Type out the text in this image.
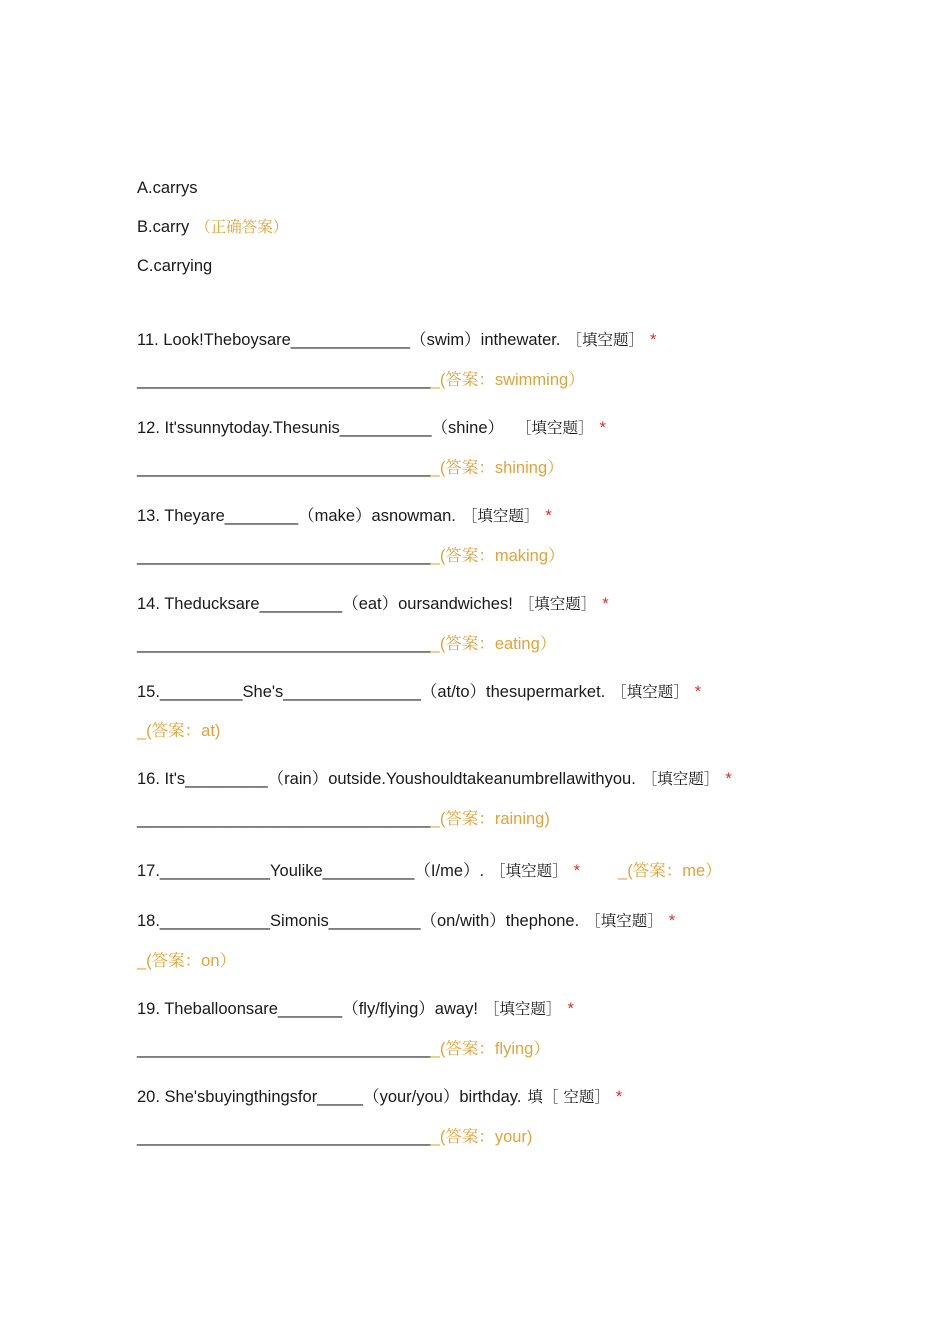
A.carrys
B.carry （正确答案）
C.carrying
11. Look!Theboysare_____________（swim）inthewater. ［填空题］ *
_________________________________(答案：swimming）
12. It'ssunnytoday.Thesunis__________（shine） ［填空题］ *
_________________________________(答案：shining）
13. Theyare________（make）asnowman. ［填空题］ *
_________________________________(答案：making）
14. Theducksare_________（eat）oursandwiches! ［填空题］ *
_________________________________(答案：eating）
15._________She's_______________（at/to）thesupermarket. ［填空题］ *
_(答案：at)
16. It's_________（rain）outside.Youshouldtakeanumbrellawithyou. ［填空题］ *
_________________________________(答案：raining)
17.____________Youlike__________（I/me）. ［填空题］ * _(答案：me）
18.____________Simonis__________（on/with）thephone. ［填空题］ *
_(答案：on）
19. Theballoonsare_______（fly/flying）away! ［填空题］ *
_________________________________(答案：flying）
20. She'sbuyingthingsfor_____（your/you）birthday. 填［ 空题］ *
_________________________________(答案：your)
